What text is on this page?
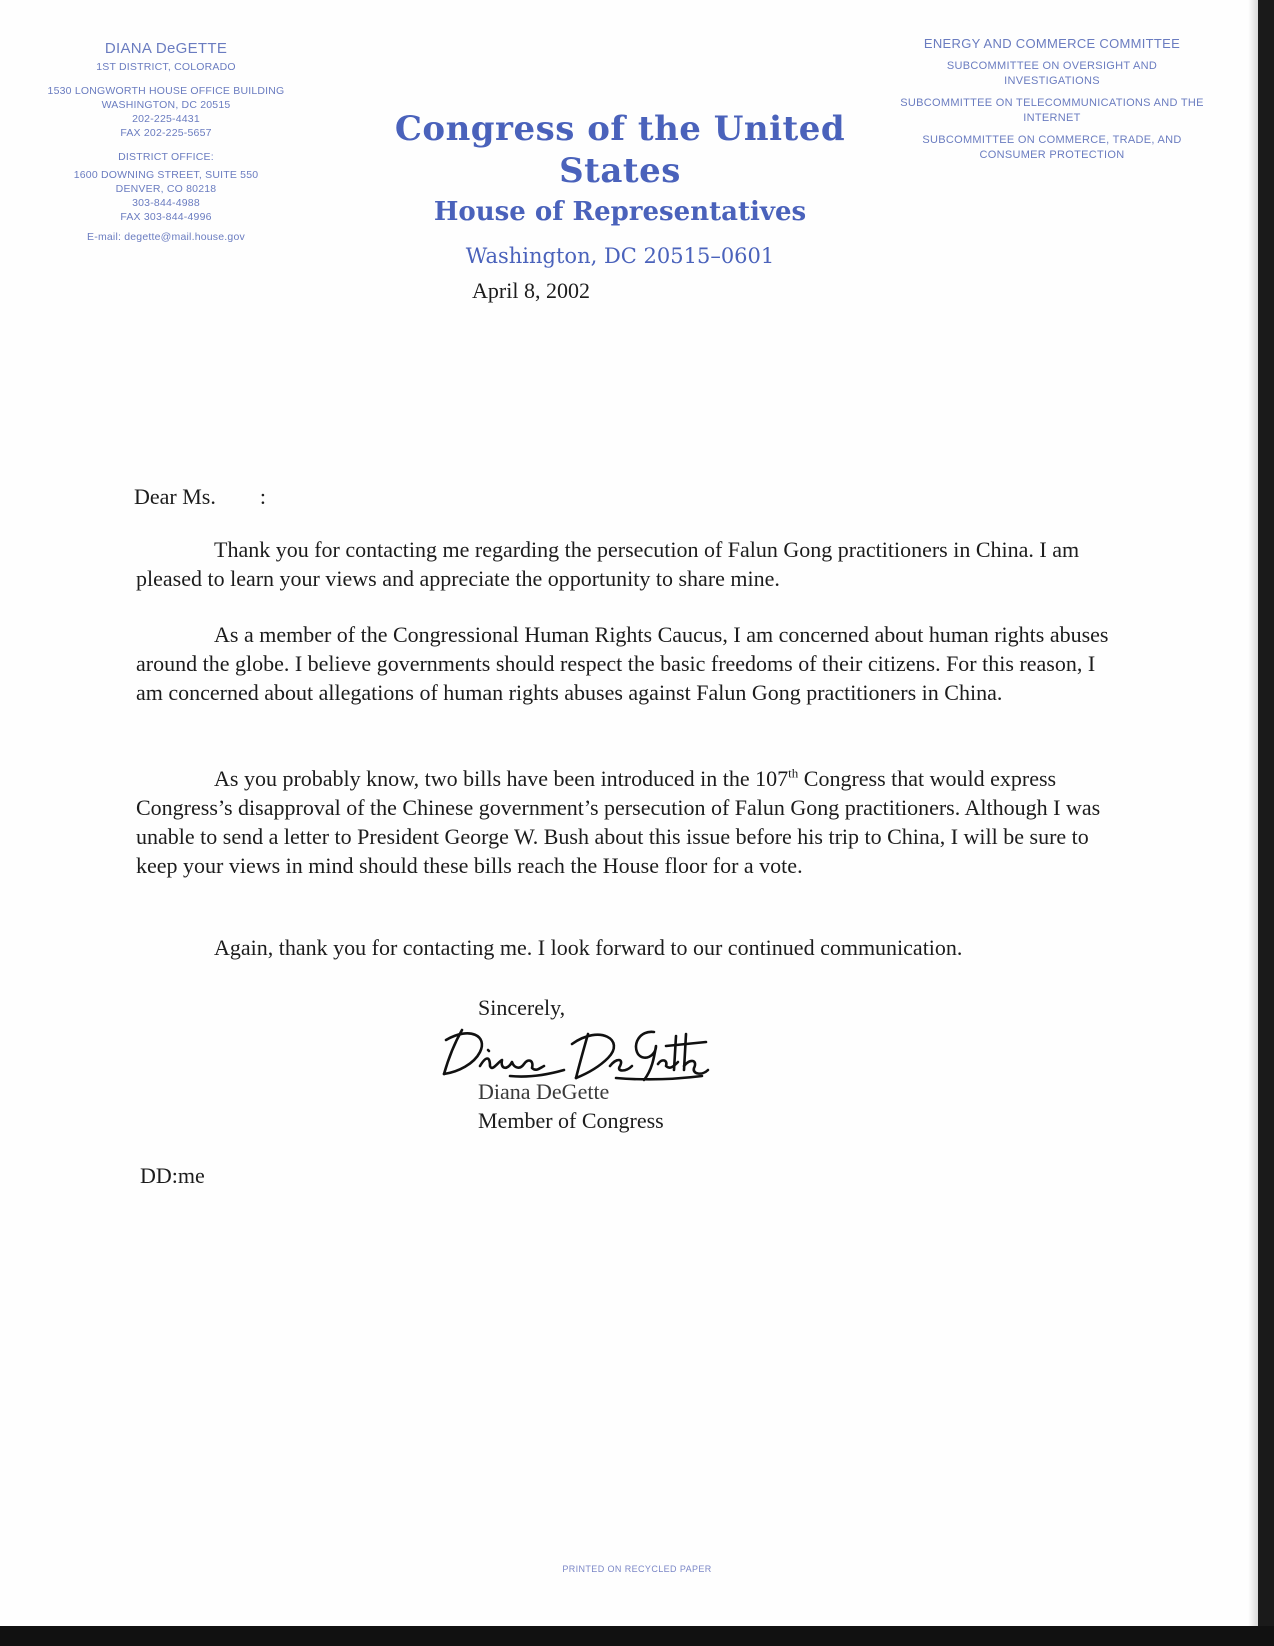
DIANA DeGETTE
1ST DISTRICT, COLORADO
1530 LONGWORTH HOUSE OFFICE BUILDING
WASHINGTON, DC 20515
202-225-4431
FAX 202-225-5657
DISTRICT OFFICE:
1600 DOWNING STREET, SUITE 550
DENVER, CO 80218
303-844-4988
FAX 303-844-4996
E-mail: degette@mail.house.gov
Congress of the United States
House of Representatives
Washington, DC 20515–0601
ENERGY AND COMMERCE COMMITTEE
SUBCOMMITTEE ON OVERSIGHT AND INVESTIGATIONS
SUBCOMMITTEE ON TELECOMMUNICATIONS AND THE INTERNET
SUBCOMMITTEE ON COMMERCE, TRADE, AND CONSUMER PROTECTION
April 8, 2002
Dear Ms.        :

Thank you for contacting me regarding the persecution of Falun Gong practitioners in China. I am pleased to learn your views and appreciate the opportunity to share mine.

As a member of the Congressional Human Rights Caucus, I am concerned about human rights abuses around the globe. I believe governments should respect the basic freedoms of their citizens. For this reason, I am concerned about allegations of human rights abuses against Falun Gong practitioners in China.

As you probably know, two bills have been introduced in the 107th Congress that would express Congress’s disapproval of the Chinese government’s persecution of Falun Gong practitioners. Although I was unable to send a letter to President George W. Bush about this issue before his trip to China, I will be sure to keep your views in mind should these bills reach the House floor for a vote.

Again, thank you for contacting me. I look forward to our continued communication.

Sincerely,
Diana DeGette
Member of Congress
DD:me
PRINTED ON RECYCLED PAPER
